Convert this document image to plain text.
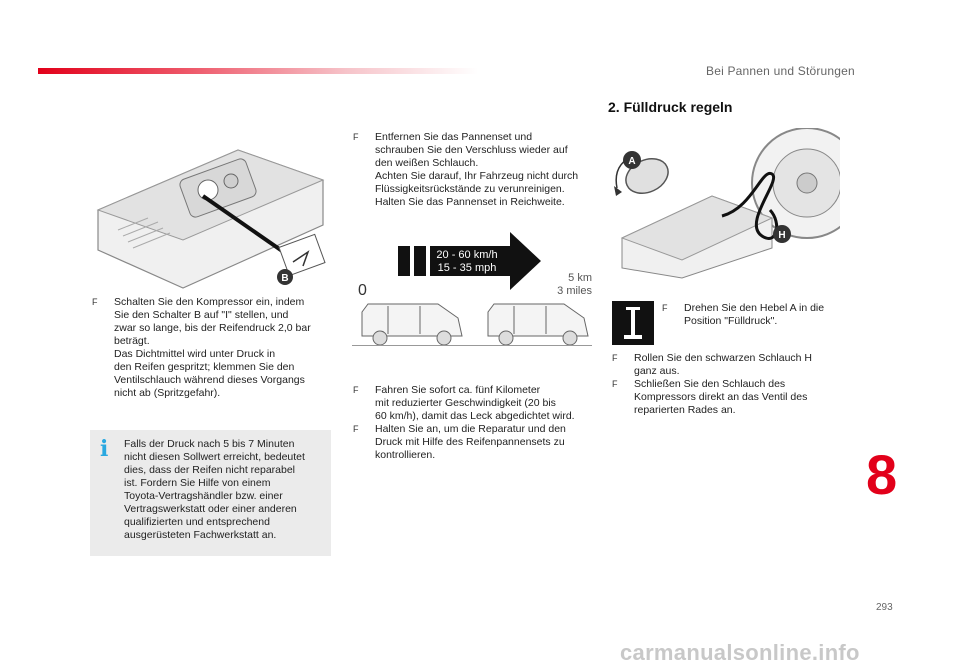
Bei Pannen und Störungen
B

F Schalten Sie den Kompressor ein, indem
Sie den Schalter B auf "I" stellen, und
zwar so lange, bis der Reifendruck 2,0 bar
beträgt.
Das Dichtmittel wird unter Druck in
den Reifen gespritzt; klemmen Sie den
Ventilschlauch während dieses Vorgangs
nicht ab (Spritzgefahr).

i	Falls der Druck nach 5 bis 7 Minuten
nicht diesen Sollwert erreicht, bedeutet
dies, dass der Reifen nicht reparabel
ist. Fordern Sie Hilfe von einem
Toyota-Vertragshändler bzw. einer
Vertragswerkstatt oder einer anderen
qualifizierten und entsprechend
ausgerüsteten Fachwerkstatt an.

F Entfernen Sie das Pannenset und
schrauben Sie den Verschluss wieder auf
den weißen Schlauch.
Achten Sie darauf, Ihr Fahrzeug nicht durch
Flüssigkeitsrückstände zu verunreinigen.
Halten Sie das Pannenset in Reichweite.

20 - 60 km/h
15 - 35 mph
0
5 km
3 miles

F Fahren Sie sofort ca. fünf Kilometer
mit reduzierter Geschwindigkeit (20 bis
60 km/h), damit das Leck abgedichtet wird.

F Halten Sie an, um die Reparatur und den
Druck mit Hilfe des Reifenpannensets zu
kontrollieren.

2. Fülldruck regeln
A
H

F Drehen Sie den Hebel A in die
Position "Fülldruck".

F Rollen Sie den schwarzen Schlauch H
ganz aus.

F Schließen Sie den Schlauch des
Kompressors direkt an das Ventil des
reparierten Rades an.

8
293
carmanualsonline.info
